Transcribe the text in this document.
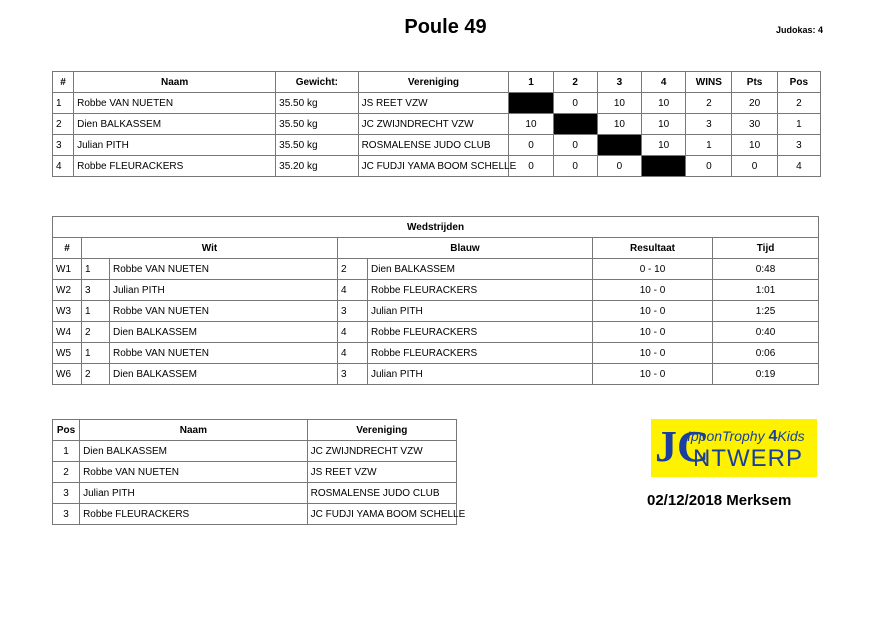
Poule 49	Judokas: 4
#	Naam	Gewicht:	Vereniging	1	2	3	4	WINS	Pts	Pos
1	Robbe VAN NUETEN	35.50 kg	JS REET VZW		0	10	10	2	20	2
2	Dien BALKASSEM	35.50 kg	JC ZWIJNDRECHT VZW	10		10	10	3	30	1
3	Julian PITH	35.50 kg	ROSMALENSE JUDO CLUB	0	0		10	1	10	3
4	Robbe FLEURACKERS	35.20 kg	JC FUDJI YAMA BOOM SCHELLE	0	0	0		0	0	4
Wedstrijden						
#	Wit		Blauw		Resultaat	Tijd
W1	1	Robbe VAN NUETEN	2	Dien BALKASSEM	0 - 10	0:48
W2	3	Julian PITH	4	Robbe FLEURACKERS	10 - 0	1:01
W3	1	Robbe VAN NUETEN	3	Julian PITH	10 - 0	1:25
W4	2	Dien BALKASSEM	4	Robbe FLEURACKERS	10 - 0	0:40
W5	1	Robbe VAN NUETEN	4	Robbe FLEURACKERS	10 - 0	0:06
W6	2	Dien BALKASSEM	3	Julian PITH	10 - 0	0:19
Pos	Naam	Vereniging
1	Dien BALKASSEM	JC ZWIJNDRECHT VZW
2	Robbe VAN NUETEN	JS REET VZW
3	Julian PITH	ROSMALENSE JUDO CLUB
3	Robbe FLEURACKERS	JC FUDJI YAMA BOOM SCHELLE
JC
IpponTrophy 4Kids
NTWERP
02/12/2018 Merksem
